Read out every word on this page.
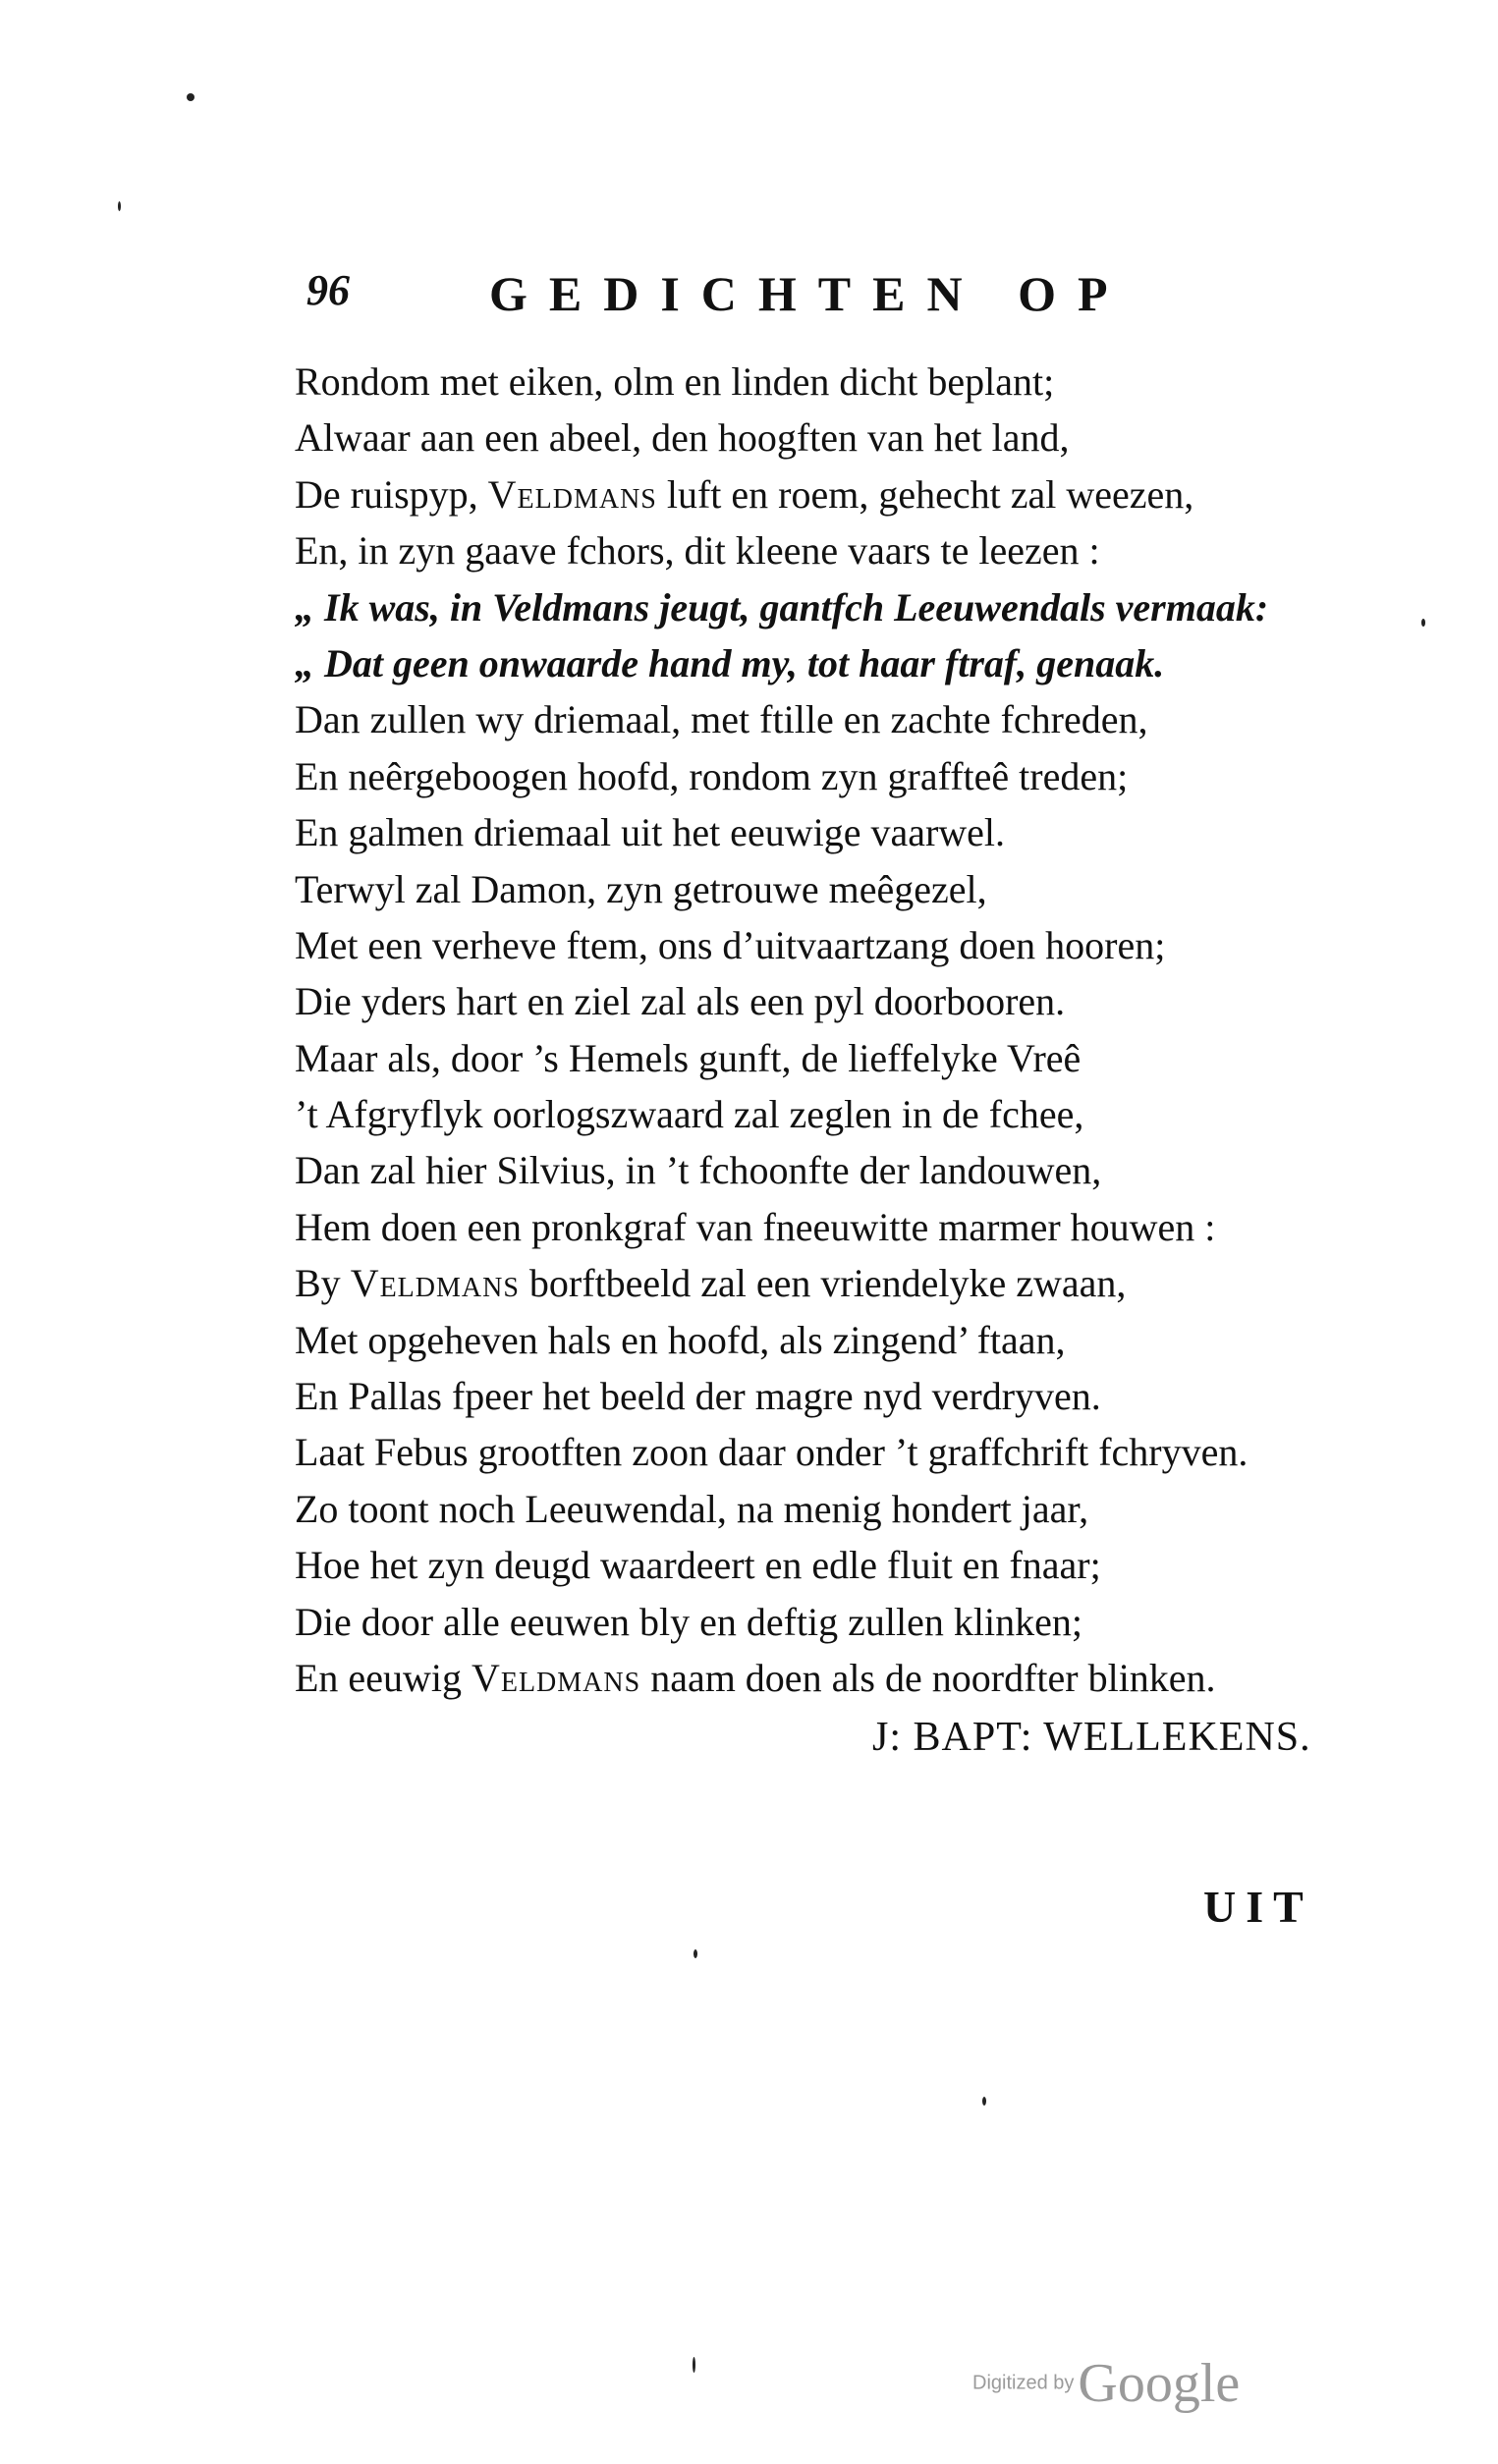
96	GEDICHTEN OP
Rondom met eiken, olm en linden dicht beplant;
Alwaar aan een abeel, den hoogften van het land,
De ruispyp, Veldmans luft en roem, gehecht zal weezen,
En, in zyn gaave fchors, dit kleene vaars te leezen :
„ Ik was, in Veldmans jeugt, gantfch Leeuwendals vermaak:
„ Dat geen onwaarde hand my, tot haar ftraf, genaak.
Dan zullen wy driemaal, met ftille en zachte fchreden,
En neêrgeboogen hoofd, rondom zyn graffteê treden;
En galmen driemaal uit het eeuwige vaarwel.
Terwyl zal Damon, zyn getrouwe meêgezel,
Met een verheve ftem, ons d’uitvaartzang doen hooren;
Die yders hart en ziel zal als een pyl doorbooren.
Maar als, door ’s Hemels gunft, de lieffelyke Vreê
’t Afgryflyk oorlogszwaard zal zeglen in de fchee,
Dan zal hier Silvius, in ’t fchoonfte der landouwen,
Hem doen een pronkgraf van fneeuwitte marmer houwen :
By Veldmans borftbeeld zal een vriendelyke zwaan,
Met opgeheven hals en hoofd, als zingend’ ftaan,
En Pallas fpeer het beeld der magre nyd verdryven.
Laat Febus grootften zoon daar onder ’t graffchrift fchryven.
Zo toont noch Leeuwendal, na menig hondert jaar,
Hoe het zyn deugd waardeert en edle fluit en fnaar;
Die door alle eeuwen bly en deftig zullen klinken;
En eeuwig Veldmans naam doen als de noordfter blinken.
J: BAPT: WELLEKENS.
UIT
Digitized by Google
